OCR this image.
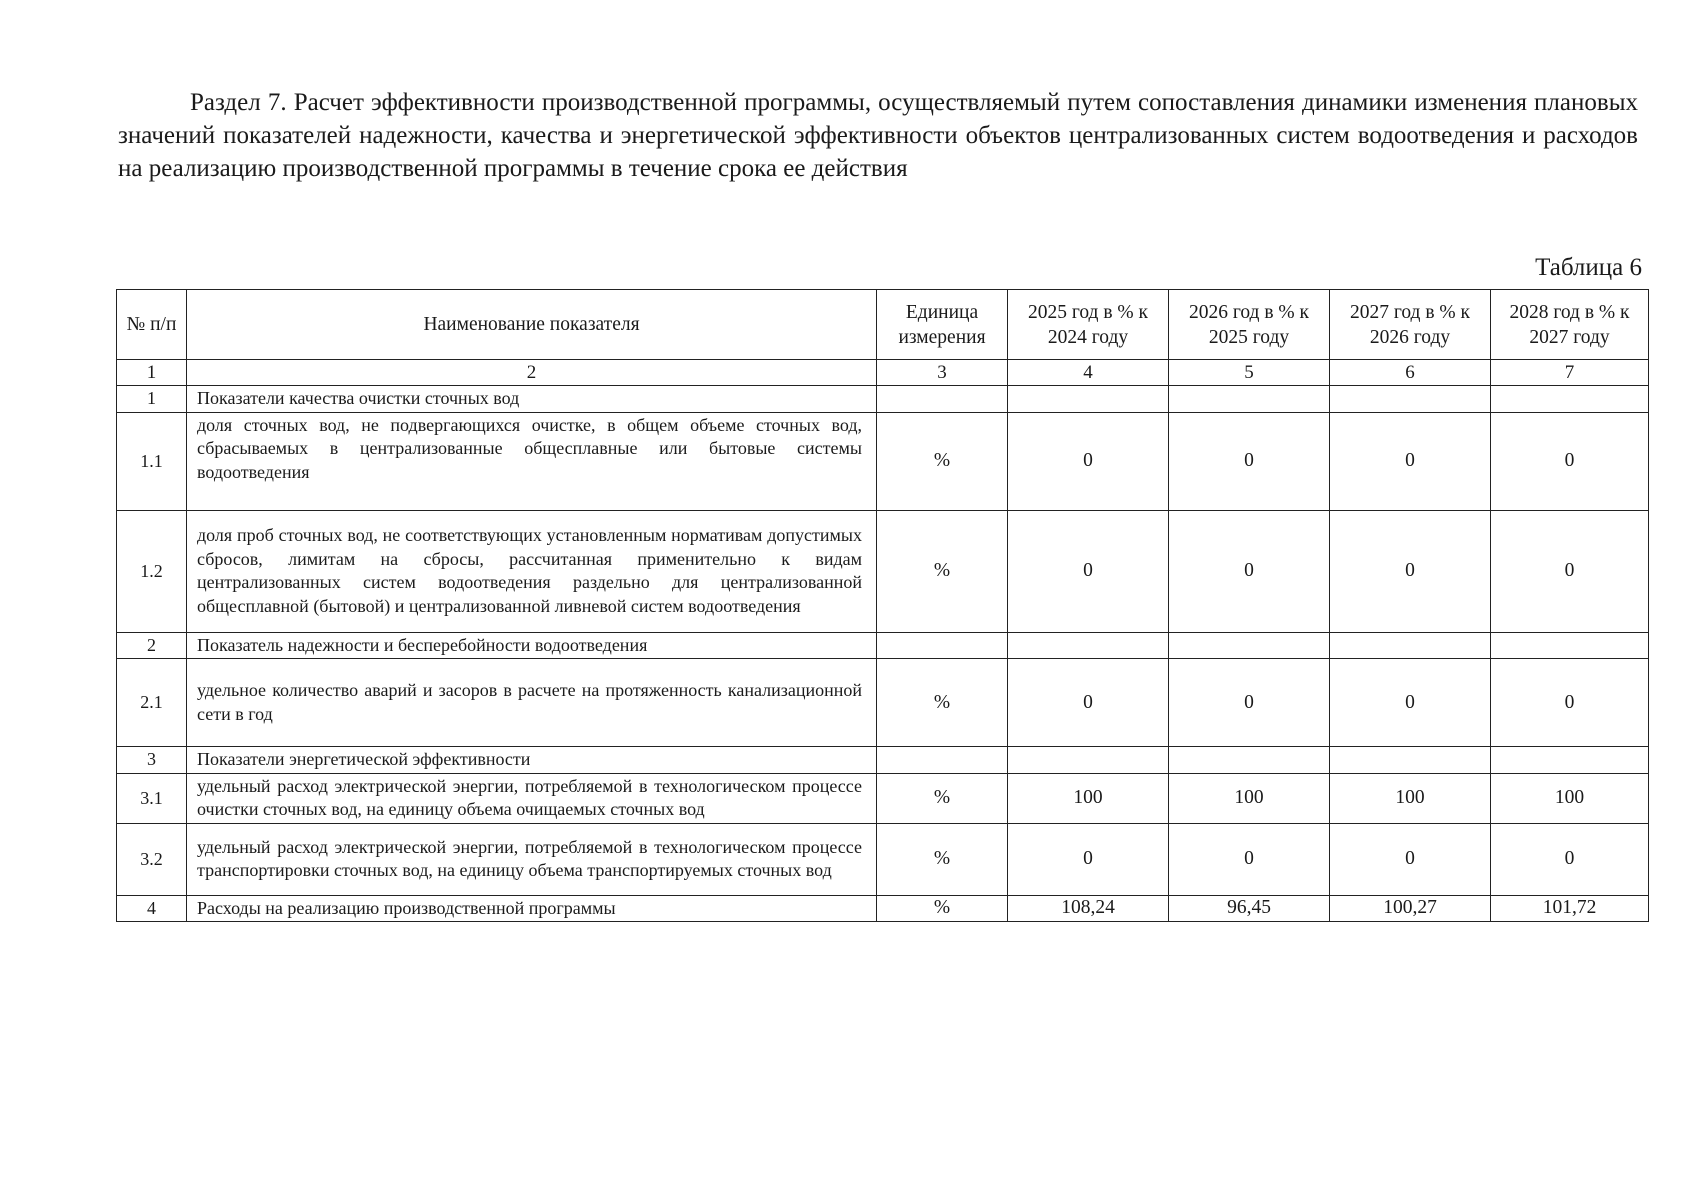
Раздел 7. Расчет эффективности производственной программы, осуществляемый путем сопоставления динамики изменения плановых значений показателей надежности, качества и энергетической эффективности объектов централизованных систем водоотведения и расходов на реализацию производственной программы в течение срока ее действия

Таблица 6

№ п/п	Наименование показателя	Единица измерения	2025 год в % к 2024 году	2026 год в % к 2025 году	2027 год в % к 2026 году	2028 год в % к 2027 году
1	2	3	4	5	6	7
1	Показатели качества очистки сточных вод					
1.1	доля сточных вод, не подвергающихся очистке, в общем объеме сточных вод, сбрасываемых в централизованные общесплавные или бытовые системы водоотведения	%	0	0	0	0
1.2	доля проб сточных вод, не соответствующих установленным нормативам допустимых сбросов, лимитам на сбросы, рассчитанная применительно к видам централизованных систем водоотведения раздельно для централизованной общесплавной (бытовой) и централизованной ливневой систем водоотведения	%	0	0	0	0
2	Показатель надежности и бесперебойности водоотведения					
2.1	удельное количество аварий и засоров в расчете на протяженность канализационной сети в год	%	0	0	0	0
3	Показатели энергетической эффективности					
3.1	удельный расход электрической энергии, потребляемой в технологическом процессе очистки сточных вод, на единицу объема очищаемых сточных вод	%	100	100	100	100
3.2	удельный расход электрической энергии, потребляемой в технологическом процессе транспортировки сточных вод, на единицу объема транспортируемых сточных вод	%	0	0	0	0
4	Расходы на реализацию производственной программы	%	108,24	96,45	100,27	101,72
